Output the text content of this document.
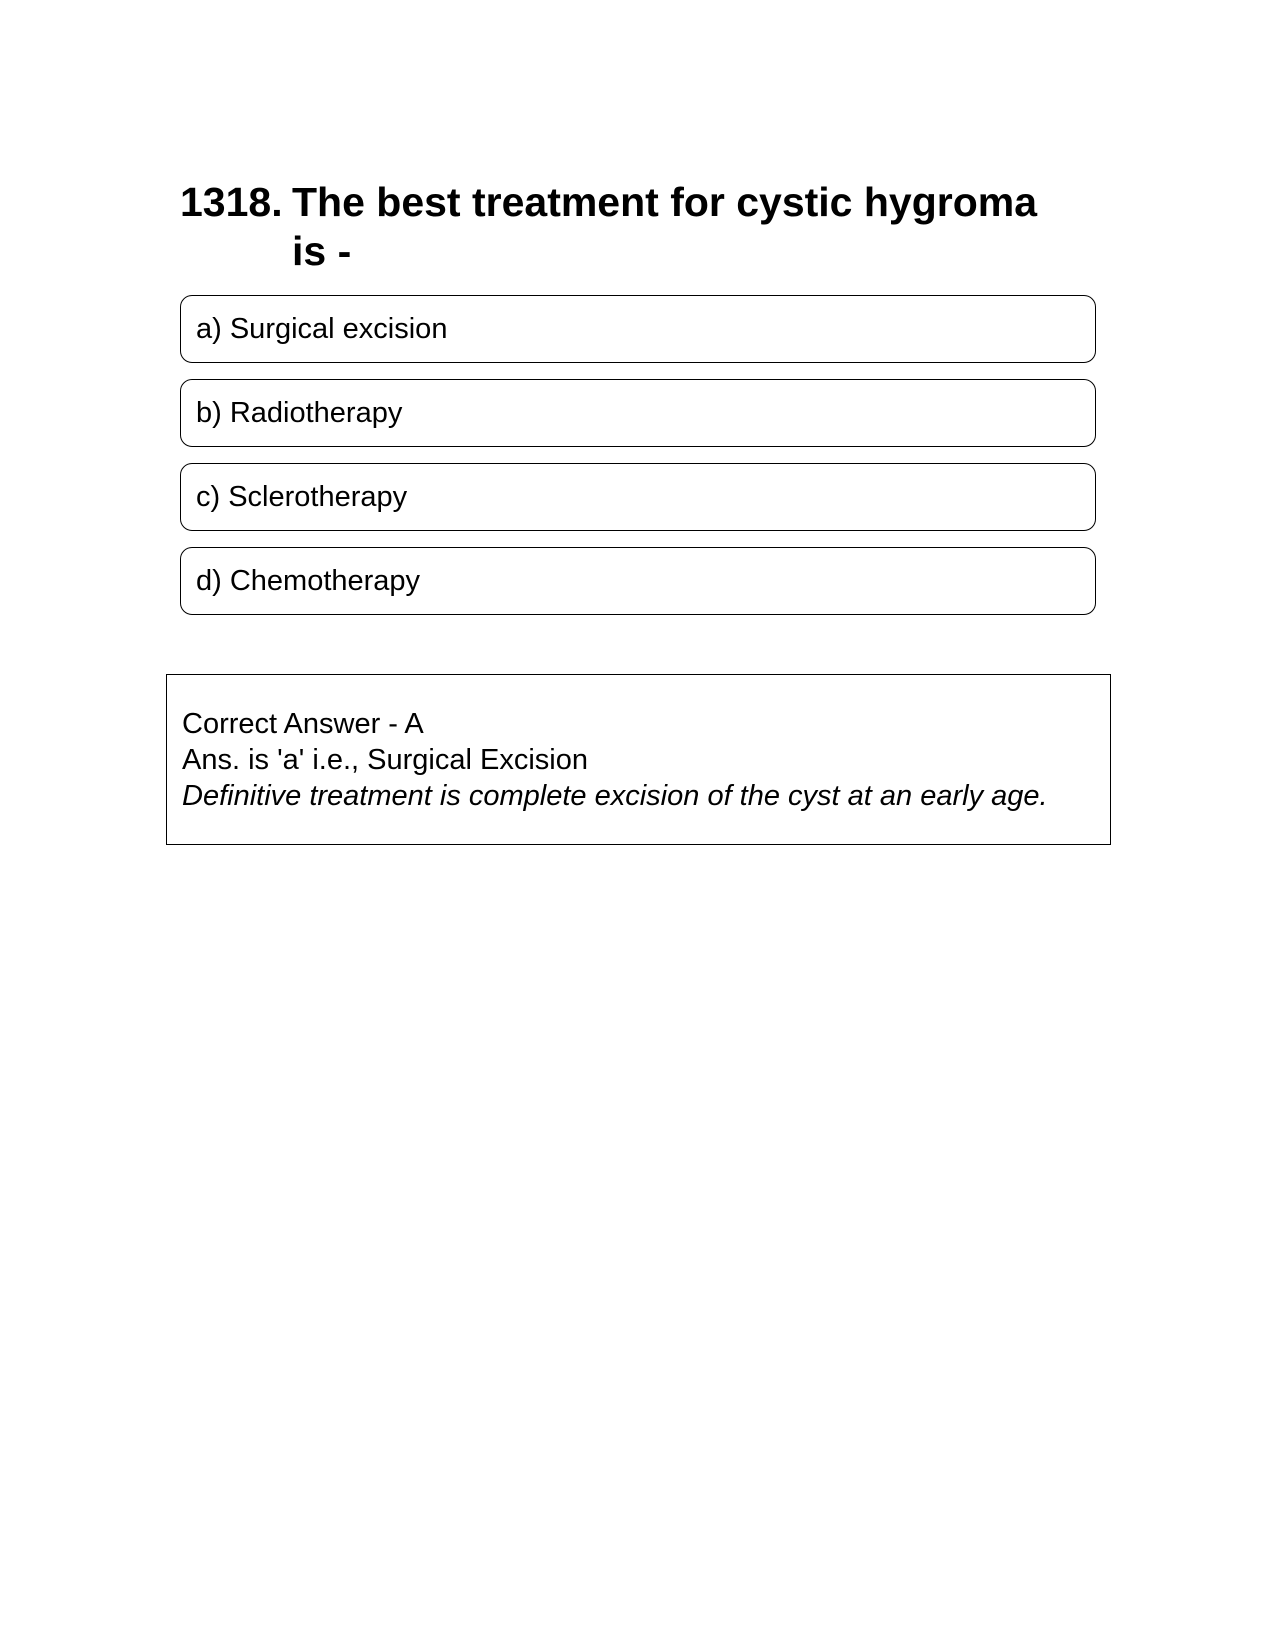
1318. The best treatment for cystic hygroma is -
a) Surgical excision
b) Radiotherapy
c) Sclerotherapy
d) Chemotherapy
Correct Answer - A
Ans. is 'a' i.e., Surgical Excision
Definitive treatment is complete excision of the cyst at an early age.
